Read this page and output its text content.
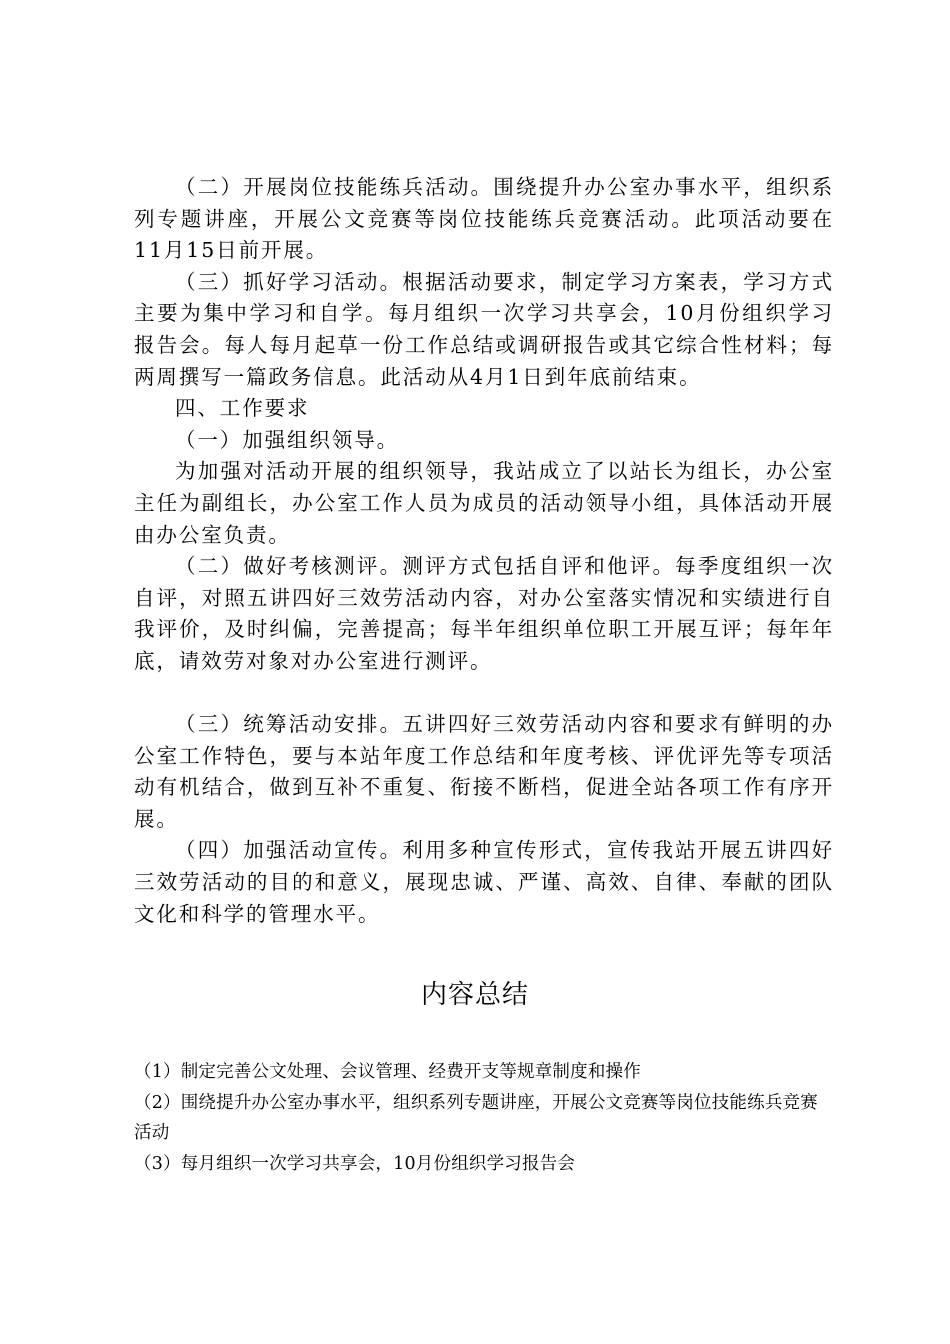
（二）开展岗位技能练兵活动。围绕提升办公室办事水平，组织系列专题讲座，开展公文竞赛等岗位技能练兵竞赛活动。此项活动要在11月15日前开展。

（三）抓好学习活动。根据活动要求，制定学习方案表，学习方式主要为集中学习和自学。每月组织一次学习共享会，10月份组织学习报告会。每人每月起草一份工作总结或调研报告或其它综合性材料；每两周撰写一篇政务信息。此活动从4月1日到年底前结束。

四、工作要求

（一）加强组织领导。

为加强对活动开展的组织领导，我站成立了以站长为组长，办公室主任为副组长，办公室工作人员为成员的活动领导小组，具体活动开展由办公室负责。

（二）做好考核测评。测评方式包括自评和他评。每季度组织一次自评，对照五讲四好三效劳活动内容，对办公室落实情况和实绩进行自我评价，及时纠偏，完善提高；每半年组织单位职工开展互评；每年年底，请效劳对象对办公室进行测评。

（三）统筹活动安排。五讲四好三效劳活动内容和要求有鲜明的办公室工作特色，要与本站年度工作总结和年度考核、评优评先等专项活动有机结合，做到互补不重复、衔接不断档，促进全站各项工作有序开展。

（四）加强活动宣传。利用多种宣传形式，宣传我站开展五讲四好三效劳活动的目的和意义，展现忠诚、严谨、高效、自律、奉献的团队文化和科学的管理水平。

内容总结

（1）制定完善公文处理、会议管理、经费开支等规章制度和操作

（2）围绕提升办公室办事水平，组织系列专题讲座，开展公文竞赛等岗位技能练兵竞赛活动

（3）每月组织一次学习共享会，10月份组织学习报告会
